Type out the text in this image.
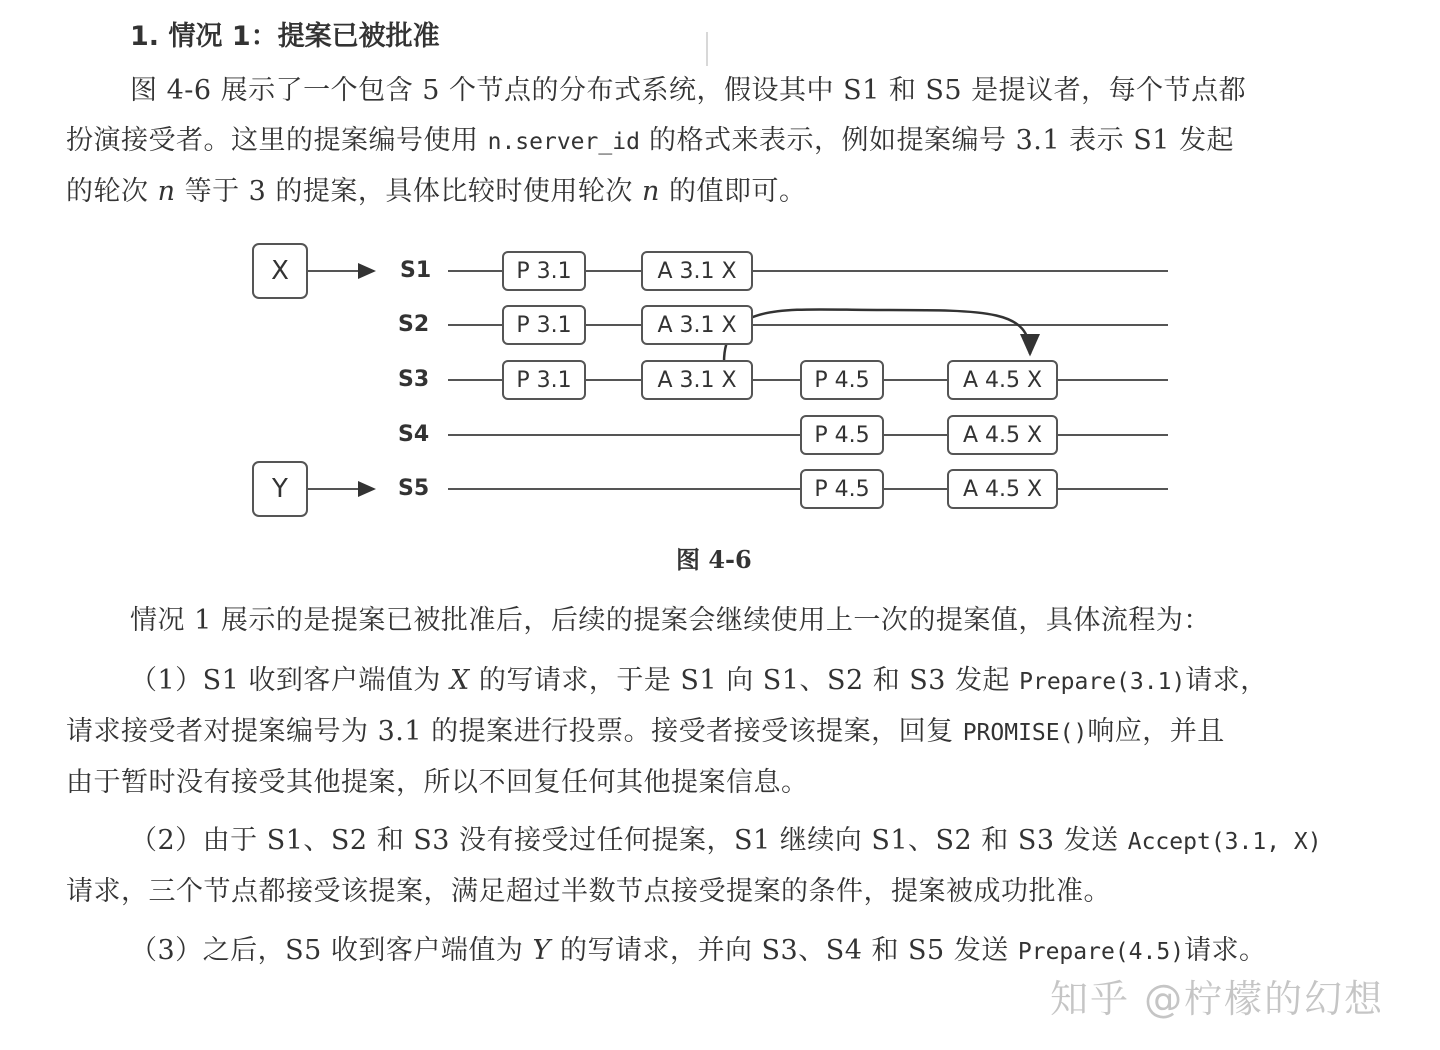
1. 情况 1：提案已被批准
图 4-6 展示了一个包含 5 个节点的分布式系统，假设其中 S1 和 S5 是提议者，每个节点都
扮演接受者。这里的提案编号使用 n.server_id 的格式来表示，例如提案编号 3.1 表示 S1 发起
的轮次 n 等于 3 的提案，具体比较时使用轮次 n 的值即可。
X
Y
S1
S2
S3
S4
S5
P 3.1	A 3.1 X
P 3.1	A 3.1 X
P 3.1	A 3.1 X	P 4.5	A 4.5 X
P 4.5	A 4.5 X
P 4.5	A 4.5 X
图 4-6
情况 1 展示的是提案已被批准后，后续的提案会继续使用上一次的提案值，具体流程为：
（1）S1 收到客户端值为 X 的写请求，于是 S1 向 S1、S2 和 S3 发起 Prepare(3.1)请求，
请求接受者对提案编号为 3.1 的提案进行投票。接受者接受该提案，回复 PROMISE()响应，并且
由于暂时没有接受其他提案，所以不回复任何其他提案信息。
（2）由于 S1、S2 和 S3 没有接受过任何提案，S1 继续向 S1、S2 和 S3 发送 Accept(3.1, X)
请求，三个节点都接受该提案，满足超过半数节点接受提案的条件，提案被成功批准。
（3）之后，S5 收到客户端值为 Y 的写请求，并向 S3、S4 和 S5 发送 Prepare(4.5)请求。
知乎 @柠檬的幻想
